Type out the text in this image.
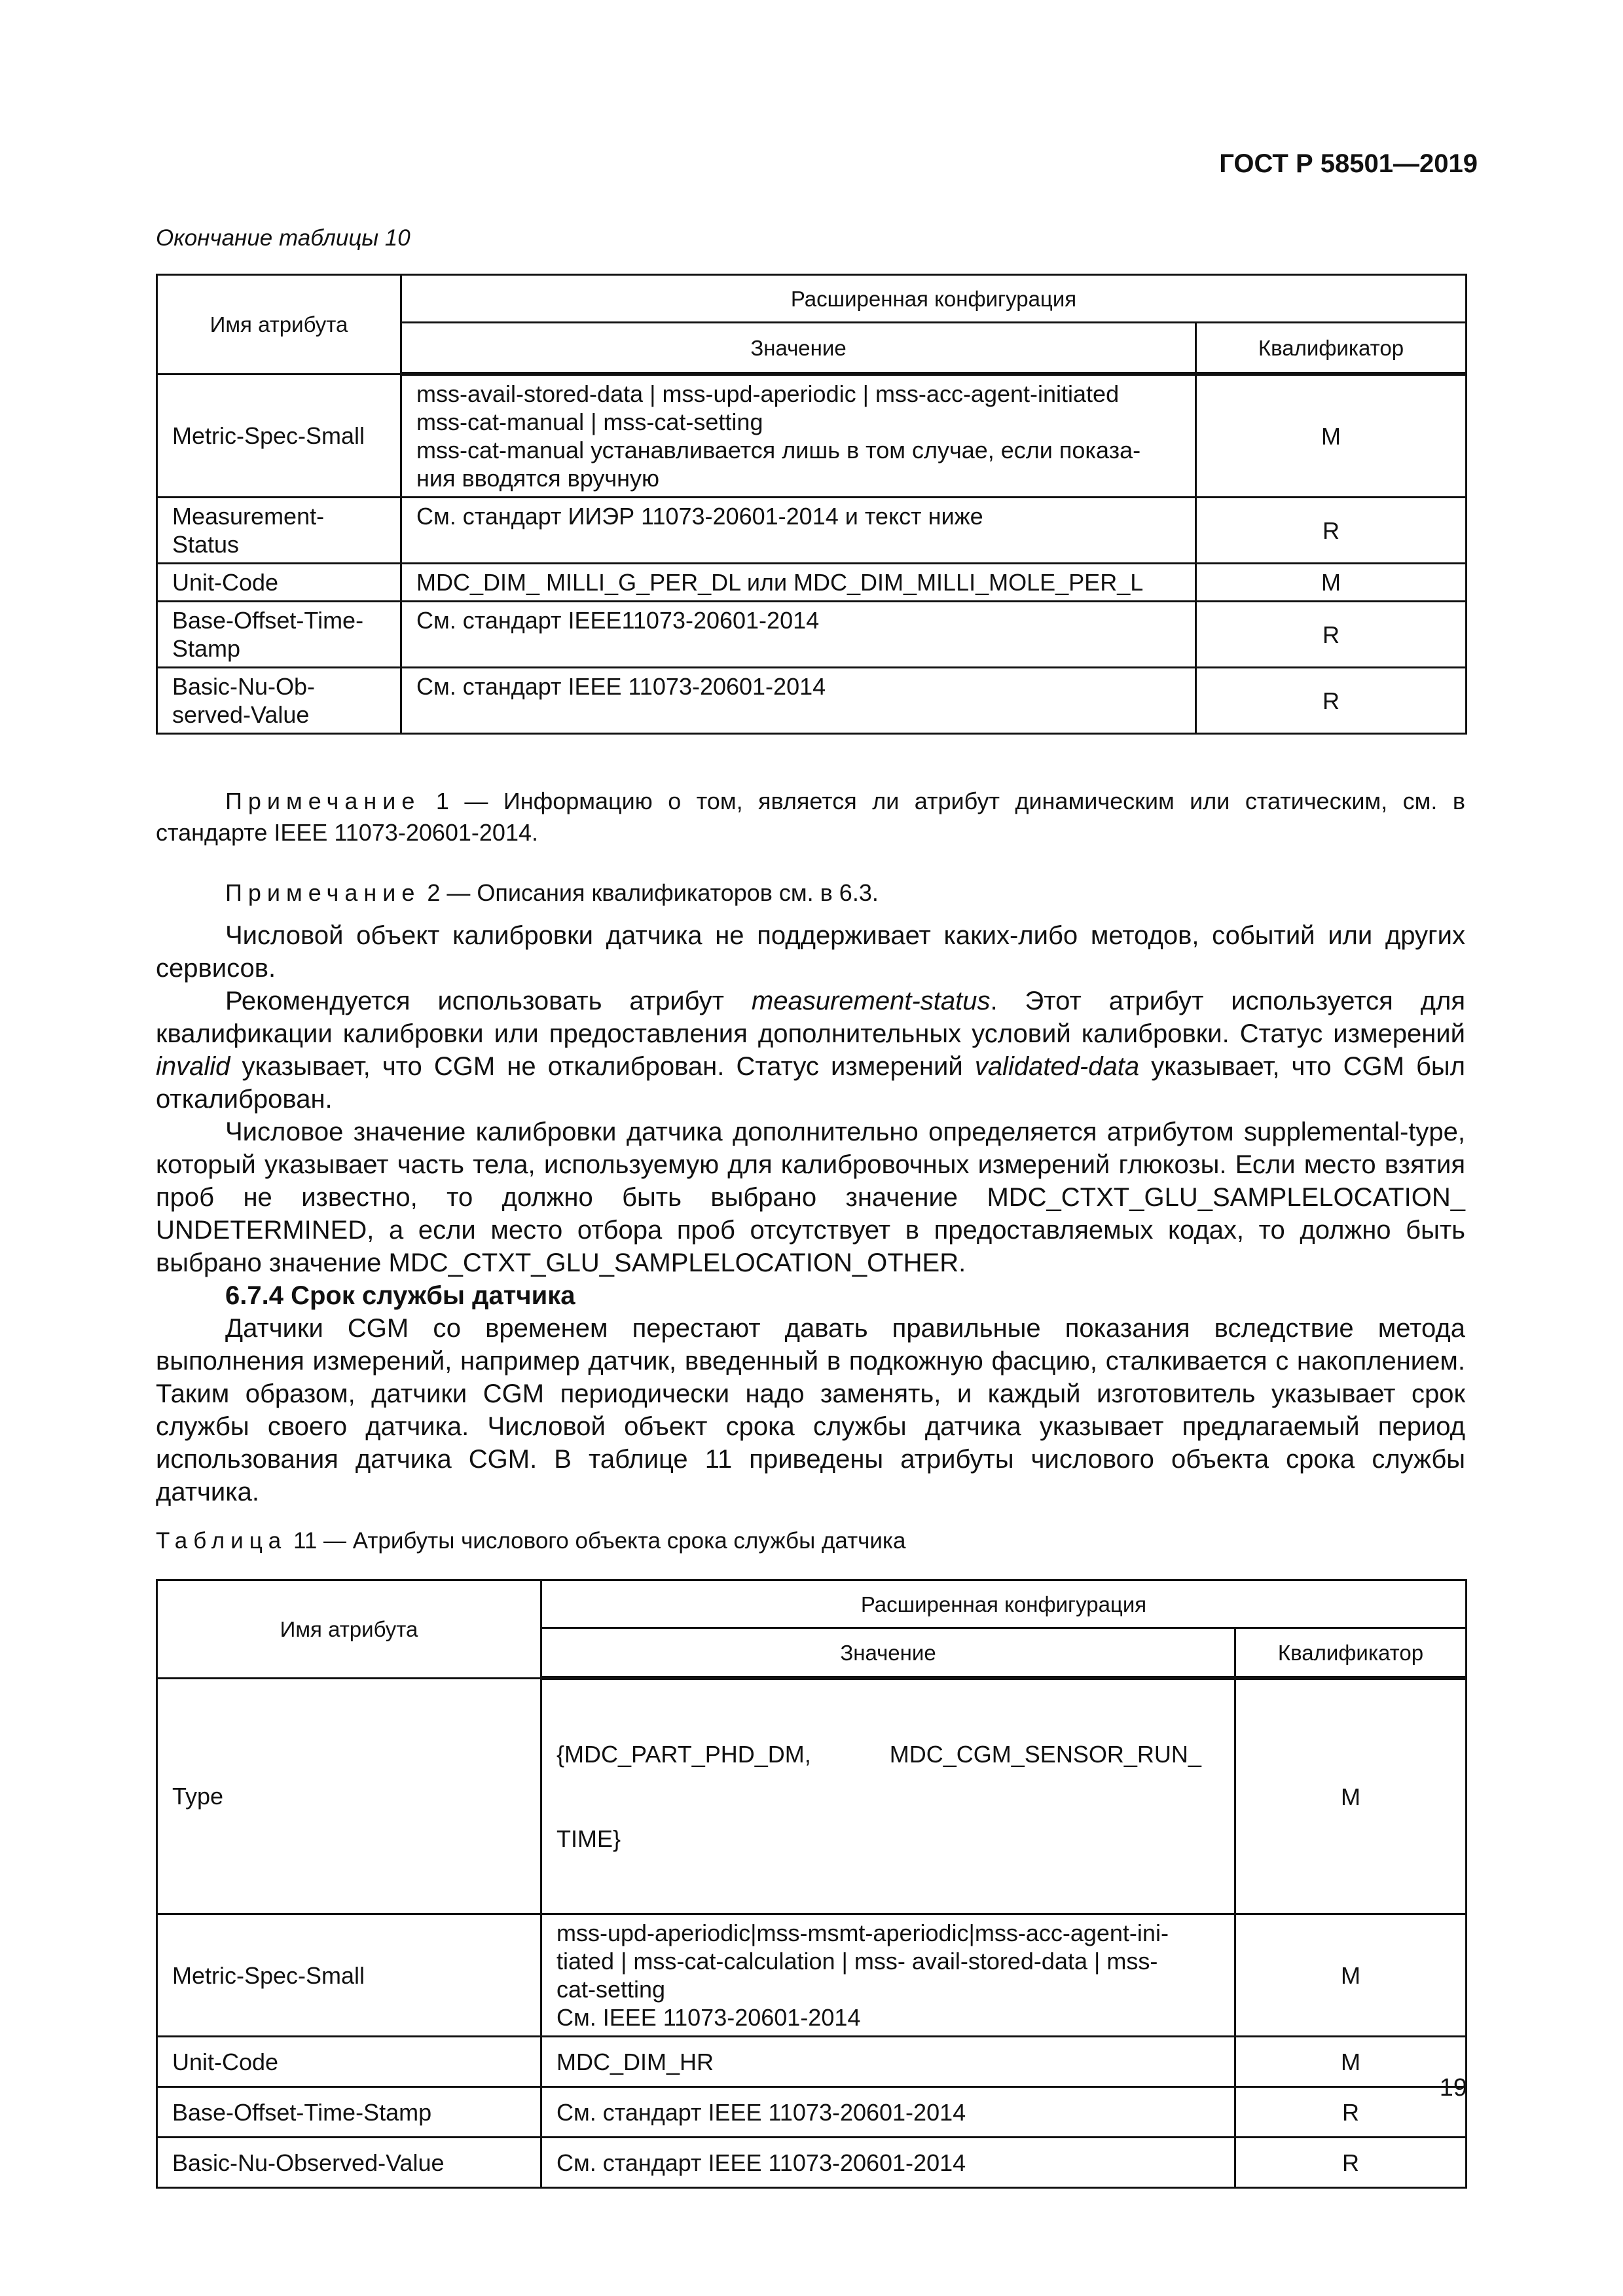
ГОСТ Р 58501—2019
Окончание таблицы 10
Имя атрибута	Расширенная конфигурация	
	Значение	Квалификатор
Metric-Spec-Small	mss-avail-stored-data | mss-upd-aperiodic | mss-acc-agent-initiated
mss-cat-manual | mss-cat-setting
mss-cat-manual устанавливается лишь в том случае, если показа-
ния вводятся вручную	M

Measurement-
Status	См. стандарт ИИЭР 11073-20601-2014 и текст ниже	R
Unit-Code	MDC_DIM_ MILLI_G_PER_DL или MDC_DIM_MILLI_MOLE_PER_L	M

Base-Offset-Time-
Stamp	См. стандарт IEEE11073-20601-2014	R

Basic-Nu-Ob-
served-Value	См. стандарт IEEE 11073-20601-2014	R

Примечание 1 — Информацию о том, является ли атрибут динамическим или статическим, см. в стандарте IEEE 11073-20601-2014.

Примечание 2 — Описания квалификаторов см. в 6.3.

Числовой объект калибровки датчика не поддерживает каких-либо методов, событий или других сервисов.

Рекомендуется использовать атрибут measurement-status. Этот атрибут используется для квалификации калибровки или предоставления дополнительных условий калибровки. Статус измерений invalid указывает, что CGM не откалиброван. Статус измерений validated-data указывает, что CGM был откалиброван.

Числовое значение калибровки датчика дополнительно определяется атрибутом supplemental-type, который указывает часть тела, используемую для калибровочных измерений глюкозы. Если место взятия проб не известно, то должно быть выбрано значение MDC_CTXT_GLU_SAMPLELOCATION_ UNDETERMINED, а если место отбора проб отсутствует в предоставляемых кодах, то должно быть выбрано значение MDC_CTXT_GLU_SAMPLELOCATION_OTHER.

6.7.4 Срок службы датчика

Датчики CGM со временем перестают давать правильные показания вследствие метода выполнения измерений, например датчик, введенный в подкожную фасцию, сталкивается с накоплением. Таким образом, датчики CGM периодически надо заменять, и каждый изготовитель указывает срок службы своего датчика. Числовой объект срока службы датчика указывает предлагаемый период использования датчика CGM. В таблице 11 приведены атрибуты числового объекта срока службы датчика.

Таблица 11 — Атрибуты числового объекта срока службы датчика
Имя атрибута	Расширенная конфигурация	
	Значение	Квалификатор
Type	{MDC_PART_PHD_DM,            MDC_CGM_SENSOR_RUN_

TIME}	M
Metric-Spec-Small	mss-upd-aperiodic|mss-msmt-aperiodic|mss-acc-agent-ini-
tiated | mss-cat-calculation | mss- avail-stored-data | mss-
cat-setting
См. IEEE 11073-20601-2014	M
Unit-Code	MDC_DIM_HR	M
Base-Offset-Time-Stamp	См. стандарт IEEE 11073-20601-2014	R
Basic-Nu-Observed-Value	См. стандарт IEEE 11073-20601-2014	R
19
